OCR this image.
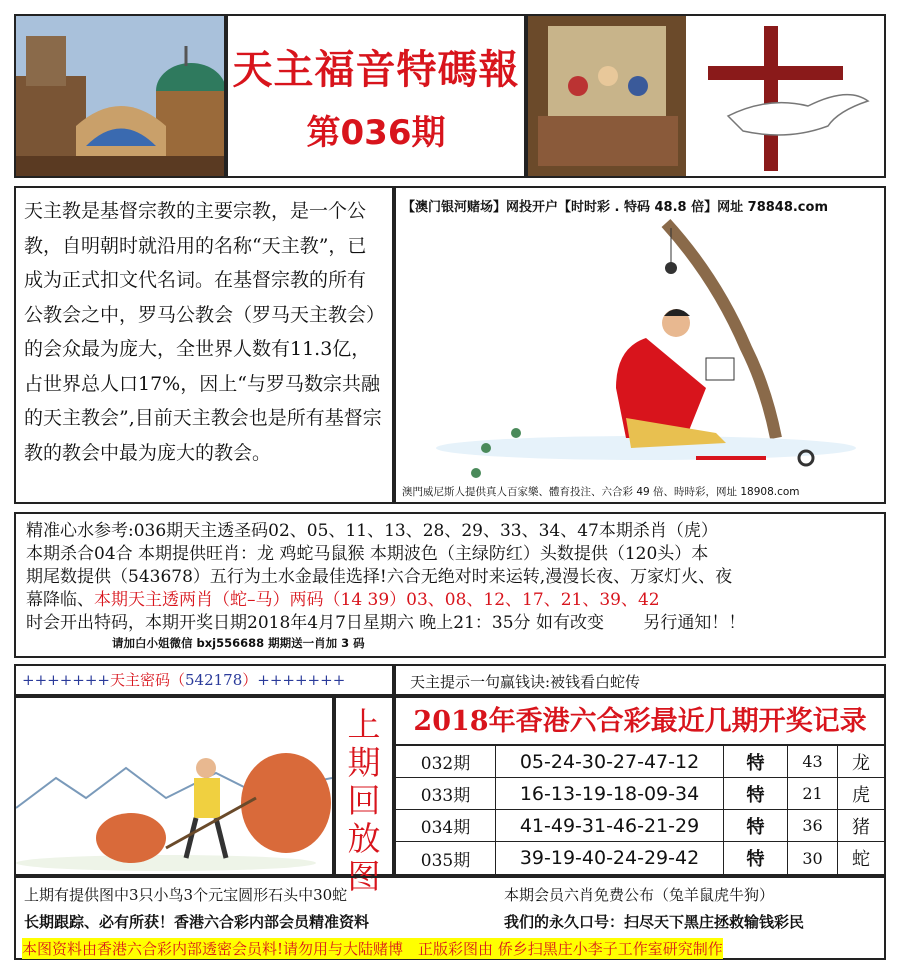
天主福音特碼報
第036期
天主教是基督宗教的主要宗教，是一个公教，自明朝时就沿用的名称“天主教”，已成为正式扣文代名词。在基督宗教的所有公教会之中，罗马公教会（罗马天主教会）的会众最为庞大，全世界人数有11.3亿，占世界总人口17%，因上“与罗马数宗共融的天主教会”,目前天主教会也是所有基督宗教的教会中最为庞大的教会。
【澳门银河赌场】网投开户【时时彩 . 特码 48.8 倍】网址 78848.com
澳門威尼斯人提供真人百家樂、體育投注、六合彩 49 倍、時時彩，网址 18908.com
精准心水参考:036期天主透圣码02、05、11、13、28、29、33、34、47本期杀肖（虎）
本期杀合04合 本期提供旺肖：龙 鸡蛇马鼠猴 本期波色（主绿防红）头数提供（120头）本
期尾数提供（543678）五行为土水金最佳选择!六合无绝对时来运转,漫漫长夜、万家灯火、夜
幕降临、本期天主透两肖（蛇–马）两码（14 39）03、08、12、17、21、39、42
时会开出特码，本期开奖日期2018年4月7日星期六 晚上21：35分 如有改变　　 另行通知！！
请加白小姐微信 bxj556688 期期送一肖加 3 码
+++++++天主密码（542178）+++++++	天主提示一句赢钱诀:被钱看白蛇传
上
期
回
放
图
2018年香港六合彩最近几期开奖记录
032期	05-24-30-27-47-12	特	43	龙
033期	16-13-19-18-09-34	特	21	虎
034期	41-49-31-46-21-29	特	36	猪
035期	39-19-40-24-29-42	特	30	蛇
上期有提供图中3只小鸟3个元宝圆形石头中30蛇	本期会员六肖免费公布（兔羊鼠虎牛狗）
长期跟踪、必有所获！香港六合彩内部会员精准资料	我们的永久口号：扫尽天下黑庄拯救输钱彩民
本图资料由香港六合彩内部透密会员料!请勿用与大陆赌博　正版彩图由 侨乡扫黑庄小李子工作室研究制作
